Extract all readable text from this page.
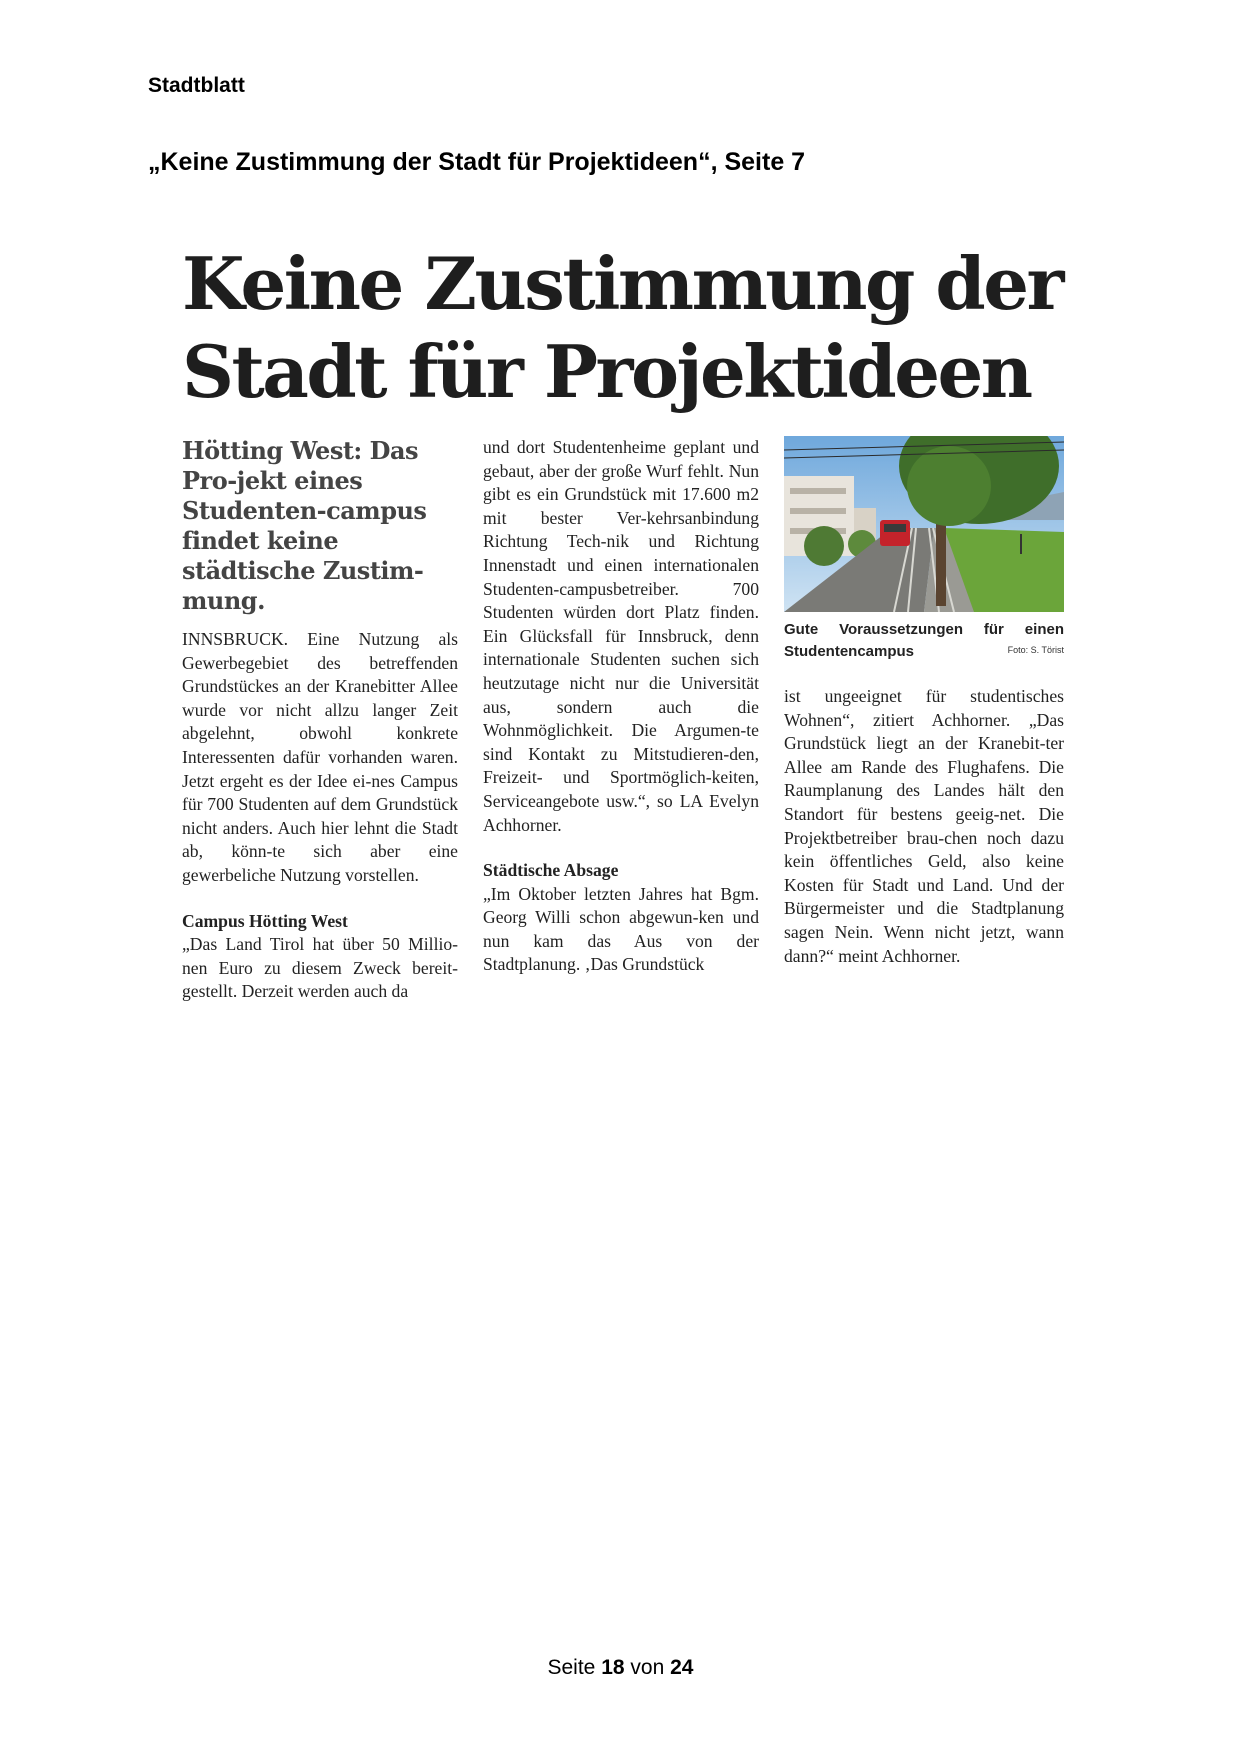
Stadtblatt
„Keine Zustimmung der Stadt für Projektideen“, Seite 7
Keine Zustimmung der
Stadt für Projektideen
Hötting West: Das Pro-jekt eines Studenten-campus findet keine städtische Zustim-mung.

INNSBRUCK. Eine Nutzung als Gewerbegebiet des betreffenden Grundstückes an der Kranebitter Allee wurde vor nicht allzu langer Zeit abgelehnt, obwohl konkrete Interessenten dafür vorhanden waren. Jetzt ergeht es der Idee ei-nes Campus für 700 Studenten auf dem Grundstück nicht anders. Auch hier lehnt die Stadt ab, könn-te sich aber eine gewerbeliche Nutzung vorstellen.

Campus Hötting West

„Das Land Tirol hat über 50 Millio-nen Euro zu diesem Zweck bereit-gestellt. Derzeit werden auch da

und dort Studentenheime geplant und gebaut, aber der große Wurf fehlt. Nun gibt es ein Grundstück mit 17.600 m2 mit bester Ver-kehrsanbindung Richtung Tech-nik und Richtung Innenstadt und einen internationalen Studenten-campusbetreiber. 700 Studenten würden dort Platz finden. Ein Glücksfall für Innsbruck, denn internationale Studenten suchen sich heutzutage nicht nur die Universität aus, sondern auch die Wohnmöglichkeit. Die Argumen-te sind Kontakt zu Mitstudieren-den, Freizeit- und Sportmöglich-keiten, Serviceangebote usw.“, so LA Evelyn Achhorner.

Städtische Absage

„Im Oktober letzten Jahres hat Bgm. Georg Willi schon abgewun-ken und nun kam das Aus von der Stadtplanung. ‚Das Grundstück

Gute Voraussetzungen für einen Studentencampus	Foto: S. Törist

ist ungeeignet für studentisches Wohnen“, zitiert Achhorner. „Das Grundstück liegt an der Kranebit-ter Allee am Rande des Flughafens. Die Raumplanung des Landes hält den Standort für bestens geeig-net. Die Projektbetreiber brau-chen noch dazu kein öffentliches Geld, also keine Kosten für Stadt und Land. Und der Bürgermeister und die Stadtplanung sagen Nein. Wenn nicht jetzt, wann dann?“ meint Achhorner.

Seite 18 von 24
